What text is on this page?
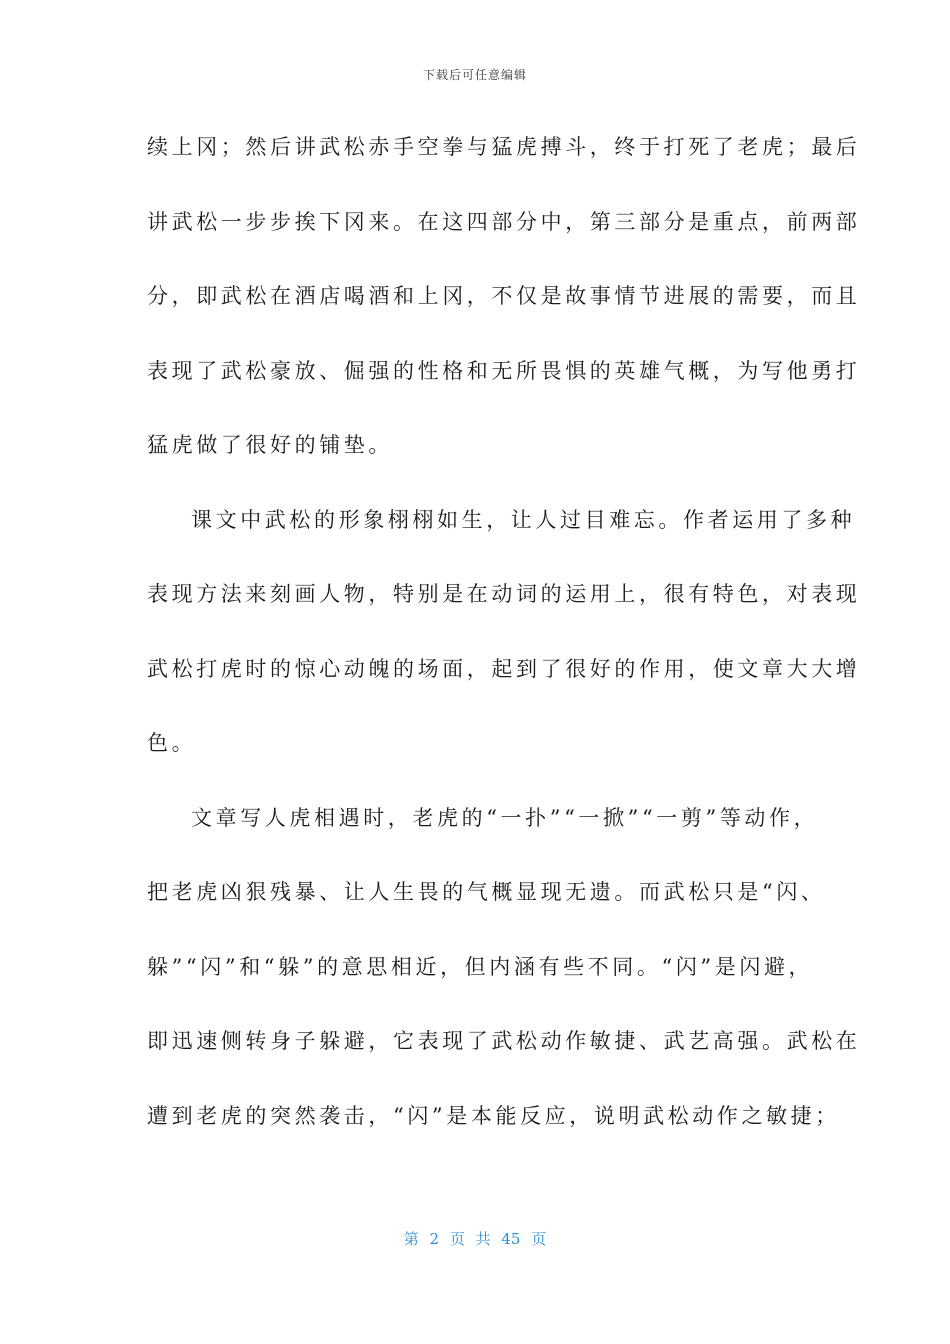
下载后可任意编辑
续上冈；然后讲武松赤手空拳与猛虎搏斗，终于打死了老虎；最后
讲武松一步步挨下冈来。在这四部分中，第三部分是重点，前两部
分，即武松在酒店喝酒和上冈，不仅是故事情节进展的需要，而且
表现了武松豪放、倔强的性格和无所畏惧的英雄气概，为写他勇打
猛虎做了很好的铺垫。
课文中武松的形象栩栩如生，让人过目难忘。作者运用了多种
表现方法来刻画人物，特别是在动词的运用上，很有特色，对表现
武松打虎时的惊心动魄的场面，起到了很好的作用，使文章大大增
色。
文章写人虎相遇时，老虎的“一扑”“一掀”“一剪”等动作，
把老虎凶狠残暴、让人生畏的气概显现无遗。而武松只是“闪、
躲”“闪”和“躲”的意思相近，但内涵有些不同。“闪”是闪避，
即迅速侧转身子躲避，它表现了武松动作敏捷、武艺高强。武松在
遭到老虎的突然袭击，“闪”是本能反应，说明武松动作之敏捷；
第 2 页 共 45 页
